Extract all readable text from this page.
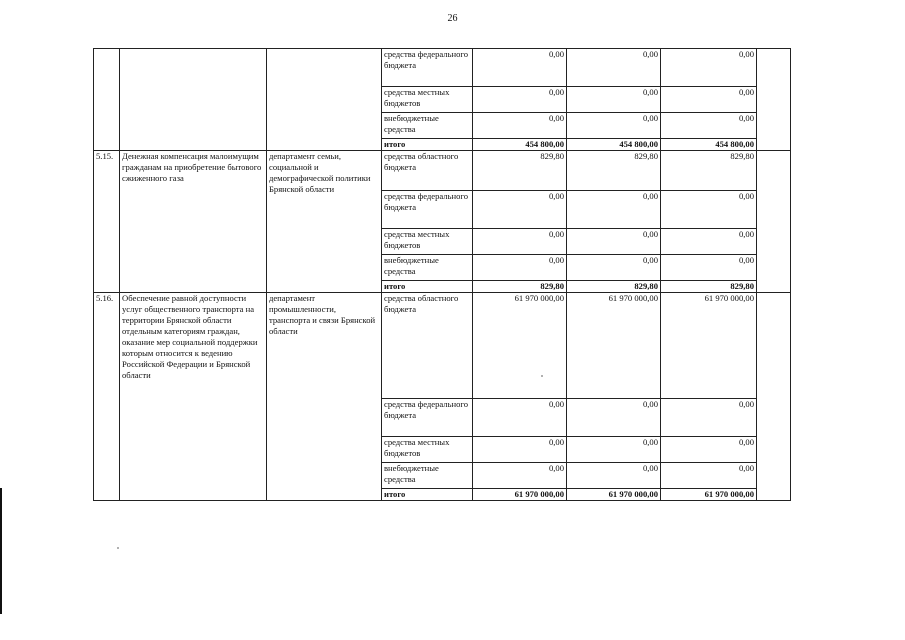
26
			средства федерального бюджета	0,00	0,00	0,00	
			средства местных бюджетов	0,00	0,00	0,00	
			внебюджетные средства	0,00	0,00	0,00	
			итого	454 800,00	454 800,00	454 800,00	
5.15.	Денежная компенсация малоимущим гражданам на приобретение бытового сжиженного газа	департамент семьи, социальной и демографической политики Брянской области	средства областного бюджета	829,80	829,80	829,80	
			средства федерального бюджета	0,00	0,00	0,00	
			средства местных бюджетов	0,00	0,00	0,00	
			внебюджетные средства	0,00	0,00	0,00	
			итого	829,80	829,80	829,80	
5.16.	Обеспечение равной доступности услуг общественного транспорта на территории Брянской области отдельным категориям граждан, оказание мер социальной поддержки которым относится к ведению Российской Федерации и Брянской области	департамент промышленности, транспорта и связи Брянской области	средства областного бюджета	61 970 000,00	61 970 000,00	61 970 000,00	
			средства федерального бюджета	0,00	0,00	0,00	
			средства местных бюджетов	0,00	0,00	0,00	
			внебюджетные средства	0,00	0,00	0,00	
			итого	61 970 000,00	61 970 000,00	61 970 000,00	
